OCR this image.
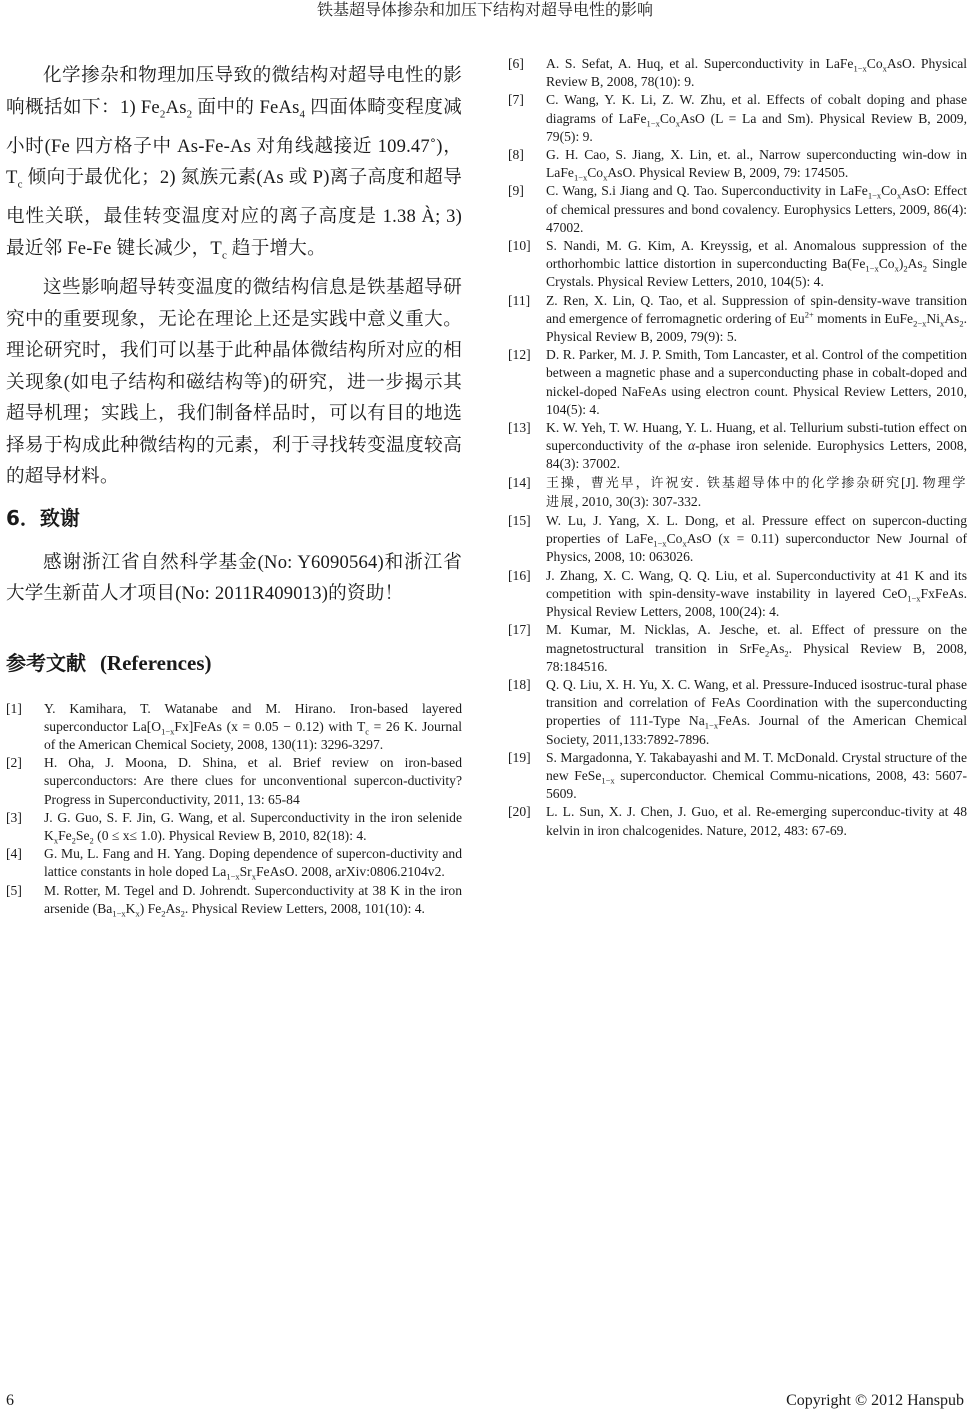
铁基超导体掺杂和加压下结构对超导电性的影响

化学掺杂和物理加压导致的微结构对超导电性的影响概括如下：1) $Fe_2As_2$ 面中的 FeAs$_4$ 四面体畸变程度减小时(Fe 四方格子中 As-Fe-As 对角线越接近 109.47˚)，$T_c$ 倾向于最优化；2) 氮族元素(As 或 P)离子高度和超导电性关联，最佳转变温度对应的离子高度是 1.38 À; 3) 最近邻 Fe-Fe 键长减少，$T_c$ 趋于增大。

这些影响超导转变温度的微结构信息是铁基超导研究中的重要现象，无论在理论上还是实践中意义重大。理论研究时，我们可以基于此种晶体微结构所对应的相关现象(如电子结构和磁结构等)的研究，进一步揭示其超导机理；实践上，我们制备样品时，可以有目的地选择易于构成此种微结构的元素，利于寻找转变温度较高的超导材料。

6．致谢

感谢浙江省自然科学基金(No: Y6090564)和浙江省大学生新苗人才项目(No: 2011R409013)的资助！

参考文献 (References)
[1]	Y. Kamihara, T. Watanabe and M. Hirano. Iron-based layered superconductor $La[O_{1-x}Fx]FeAs$ (x = 0.05 − 0.12) with $T_c = 26$ K. Journal of the American Chemical Society, 2008, 130(11): 3296-3297.
[2]	H. Oha, J. Moona, D. Shina, et al. Brief review on iron-based superconductors: Are there clues for unconventional supercon-ductivity? Progress in Superconductivity, 2011, 13: 65-84
[3]	J. G. Guo, S. F. Jin, G. Wang, et al. Superconductivity in the iron selenide $K_xFe_2Se_2$ (0 ≤ x≤ 1.0). Physical Review B, 2010, 82(18): 4.
[4]	G. Mu, L. Fang and H. Yang. Doping dependence of supercon-ductivity and lattice constants in hole doped $La_{1-x}Sr_xFeAsO$. 2008, arXiv:0806.2104v2.
[5]	M. Rotter, M. Tegel and D. Johrendt. Superconductivity at 38 K in the iron arsenide $(Ba_{1-x}K_x)$ $Fe_2As_2$. Physical Review Letters, 2008, 101(10): 4.
[6]	A. S. Sefat, A. Huq, et al. Superconductivity in $LaFe_{1-x}Co_xAsO$. Physical Review B, 2008, 78(10): 9.
[7]	C. Wang, Y. K. Li, Z. W. Zhu, et al. Effects of cobalt doping and phase diagrams of $LaFe_{1-x}Co_xAsO$ (L = La and Sm). Physical Review B, 2009, 79(5): 9.
[8]	G. H. Cao, S. Jiang, X. Lin, et. al., Narrow superconducting win-dow in $LaFe_{1-x}Co_xAsO$. Physical Review B, 2009, 79: 174505.
[9]	C. Wang, S.i Jiang and Q. Tao. Superconductivity in $LaFe_{1-x}Co_xAsO$: Effect of chemical pressures and bond covalency. Europhysics Letters, 2009, 86(4): 47002.
[10]	S. Nandi, M. G. Kim, A. Kreyssig, et al. Anomalous suppression of the orthorhombic lattice distortion in superconducting $Ba(Fe_{1-x}Co_x)_2As_2$ Single Crystals. Physical Review Letters, 2010, 104(5): 4.
[11]	Z. Ren, X. Lin, Q. Tao, et al. Suppression of spin-density-wave transition and emergence of ferromagnetic ordering of $Eu^{2+}$ moments in $EuFe_{2-x}Ni_xAs_2$. Physical Review B, 2009, 79(9): 5.
[12]	D. R. Parker, M. J. P. Smith, Tom Lancaster, et al. Control of the competition between a magnetic phase and a superconducting phase in cobalt-doped and nickel-doped NaFeAs using electron count. Physical Review Letters, 2010, 104(5): 4.
[13]	K. W. Yeh, T. W. Huang, Y. L. Huang, et al. Tellurium substi-tution effect on superconductivity of the α-phase iron selenide. Europhysics Letters, 2008, 84(3): 37002.
[14]	王操，曹光早，许祝安. 铁基超导体中的化学掺杂研究[J]. 物理学进展, 2010, 30(3): 307-332.
[15]	W. Lu, J. Yang, X. L. Dong, et al. Pressure effect on supercon-ducting properties of $LaFe_{1-x}Co_xAsO$ (x = 0.11) superconductor New Journal of Physics, 2008, 10: 063026.
[16]	J. Zhang, X. C. Wang, Q. Q. Liu, et al. Superconductivity at 41 K and its competition with spin-density-wave instability in layered CeO$_{1-x}$FxFeAs. Physical Review Letters, 2008, 100(24): 4.
[17]	M. Kumar, M. Nicklas, A. Jesche, et. al. Effect of pressure on the magnetostructural transition in $SrFe_2As_2$. Physical Review B, 2008, 78:184516.
[18]	Q. Q. Liu, X. H. Yu, X. C. Wang, et al. Pressure-Induced isostruc-tural phase transition and correlation of FeAs Coordination with the superconducting properties of 111-Type $Na_{1-x}FeAs$. Journal of the American Chemical Society, 2011,133:7892-7896.
[19]	S. Margadonna, Y. Takabayashi and M. T. McDonald. Crystal structure of the new FeSe$_{1-x}$ superconductor. Chemical Commu-nications, 2008, 43: 5607-5609.
[20]	L. L. Sun, X. J. Chen, J. Guo, et al. Re-emerging superconduc-tivity at 48 kelvin in iron chalcogenides. Nature, 2012, 483: 67-69.
6	Copyright © 2012 Hanspub
